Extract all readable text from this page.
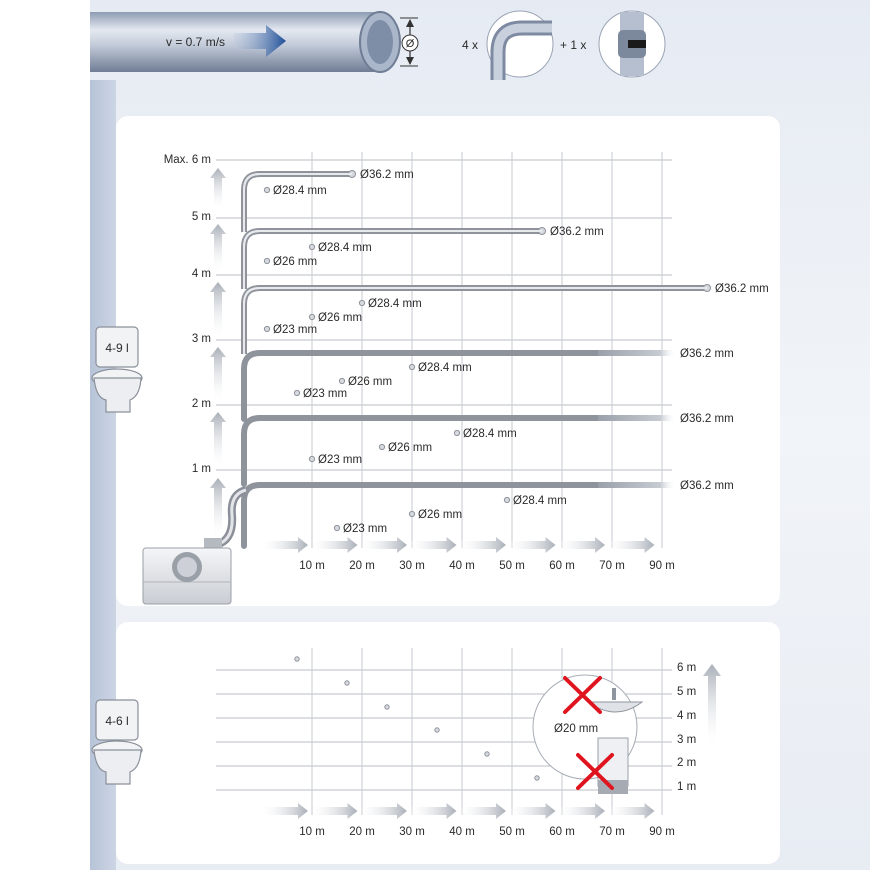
v = 0.7 m/s	Ø	4 x	+ 1 x
Ø36.2 mm
Ø28.4 mm
Ø36.2 mm
Ø28.4 mm
Ø26 mm
Ø36.2 mm
Ø28.4 mm
Ø26 mm
Ø23 mm
Ø36.2 mm
Ø28.4 mm
Ø26 mm
Ø23 mm
Ø36.2 mm
Ø28.4 mm
Ø26 mm
Ø23 mm
Ø36.2 mm
Ø28.4 mm
Ø26 mm
Ø23 mm
Max. 6 m
5 m
4 m
3 m
2 m
1 m
10 m 20 m 30 m 40 m 50 m 60 m 70 m 90 m
4-9 l
6 m
5 m
4 m
3 m
2 m
1 m
10 m 20 m 30 m 40 m 50 m 60 m 70 m 90 m
Ø20 mm
4-6 l
